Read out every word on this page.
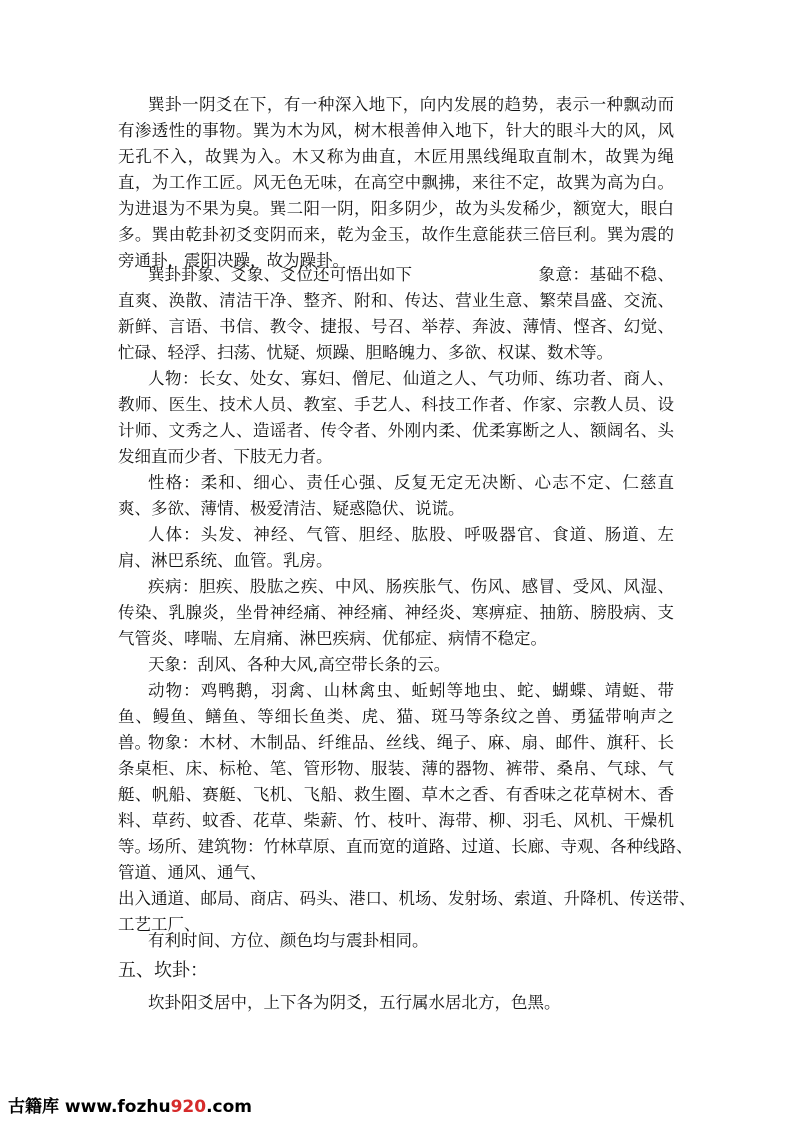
巽卦一阴爻在下，有一种深入地下，向内发展的趋势，表示一种飘动而有渗透性的事物。巽为木为风，树木根善伸入地下，针大的眼斗大的风，风无孔不入，故巽为入。木又称为曲直，木匠用黑线绳取直制木，故巽为绳直，为工作工匠。风无色无味，在高空中飘拂，来往不定，故巽为高为白。为进退为不果为臭。巽二阳一阴，阳多阴少，故为头发稀少，额宽大，眼白多。巽由乾卦初爻变阴而来，乾为金玉，故作生意能获三倍巨利。巽为震的旁通卦，震阳决躁，故为躁卦。

巽卦卦象、爻象、爻位还可悟出如下	象意：基础不稳、直爽、涣散、清洁干净、整齐、附和、传达、营业生意、繁荣昌盛、交流、新鲜、言语、书信、教令、捷报、号召、举荐、奔波、薄情、悭吝、幻觉、忙碌、轻浮、扫荡、忧疑、烦躁、胆略魄力、多欲、权谋、数术等。

人物：长女、处女、寡妇、僧尼、仙道之人、气功师、练功者、商人、教师、医生、技术人员、教室、手艺人、科技工作者、作家、宗教人员、设计师、文秀之人、造谣者、传令者、外刚内柔、优柔寡断之人、额阔名、头发细直而少者、下肢无力者。

性格：柔和、细心、责任心强、反复无定无决断、心志不定、仁慈直爽、多欲、薄情、极爱清洁、疑惑隐伏、说谎。

人体：头发、神经、气管、胆经、肱股、呼吸器官、食道、肠道、左肩、淋巴系统、血管。乳房。

疾病：胆疾、股肱之疾、中风、肠疾胀气、伤风、感冒、受风、风湿、传染、乳腺炎，坐骨神经痛、神经痛、神经炎、寒痹症、抽筋、膀股病、支气管炎、哮喘、左肩痛、淋巴疾病、优郁症、病情不稳定。

天象：刮风、各种大风,高空带长条的云。

动物：鸡鸭鹅，羽禽、山林禽虫、蚯蚓等地虫、蛇、蝴蝶、靖蜓、带鱼、鳗鱼、鳝鱼、等细长鱼类、虎、猫、斑马等条纹之兽、勇猛带响声之兽。

物象：木材、木制品、纤维品、丝线、绳子、麻、扇、邮件、旗秆、长条桌柜、床、标枪、笔、管形物、服装、薄的器物、裤带、桑帛、气球、气艇、帆船、赛艇、飞机、飞船、救生圈、草木之香、有香味之花草树木、香料、草药、蚊香、花草、柴薪、竹、枝叶、海带、柳、羽毛、风机、干燥机等。

场所、建筑物：竹林草原、直而宽的道路、过道、长廊、寺观、各种线路、
管道、通风、通气、
出入通道、邮局、商店、码头、港口、机场、发射场、索道、升降机、传送带、
工艺工厂、

有利时间、方位、颜色均与震卦相同。

五、坎卦：

坎卦阳爻居中，上下各为阴爻，五行属水居北方，色黑。

古籍库 www.fozhu920.com
